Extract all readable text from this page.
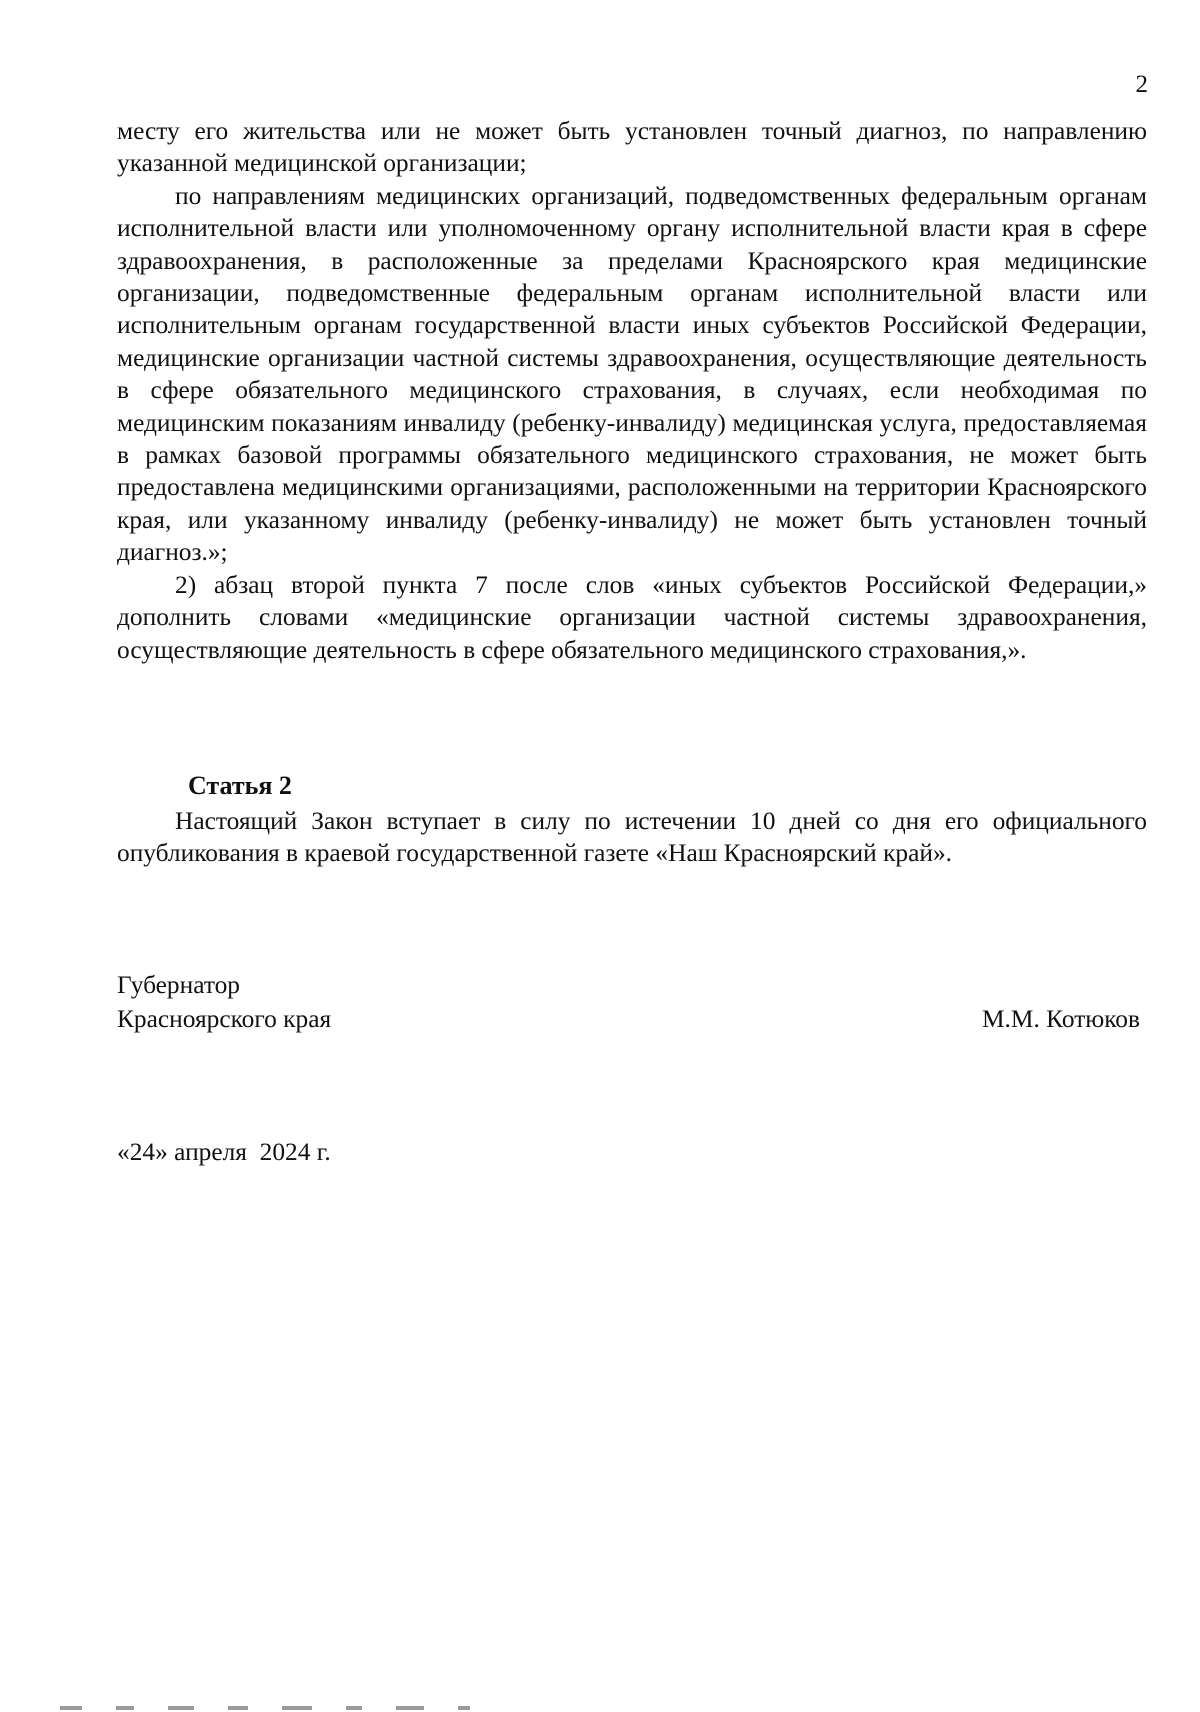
2

месту его жительства или не может быть установлен точный диагноз, по направлению указанной медицинской организации;

по направлениям медицинских организаций, подведомственных федеральным органам исполнительной власти или уполномоченному органу исполнительной власти края в сфере здравоохранения, в расположенные за пределами Красноярского края медицинские организации, подведомственные федеральным органам исполнительной власти или исполнительным органам государственной власти иных субъектов Российской Федерации, медицинские организации частной системы здравоохранения, осуществляющие деятельность в сфере обязательного медицинского страхования, в случаях, если необходимая по медицинским показаниям инвалиду (ребенку-инвалиду) медицинская услуга, предоставляемая в рамках базовой программы обязательного медицинского страхования, не может быть предоставлена медицинскими организациями, расположенными на территории Красноярского края, или указанному инвалиду (ребенку-инвалиду) не может быть установлен точный диагноз.»;

2) абзац второй пункта 7 после слов «иных субъектов Российской Федерации,» дополнить словами «медицинские организации частной системы здравоохранения, осуществляющие деятельность в сфере обязательного медицинского страхования,».

Статья 2

Настоящий Закон вступает в силу по истечении 10 дней со дня его официального опубликования в краевой государственной газете «Наш Красноярский край».

Губернатор
Красноярского края	М.М. Котюков
«24» апреля  2024 г.
